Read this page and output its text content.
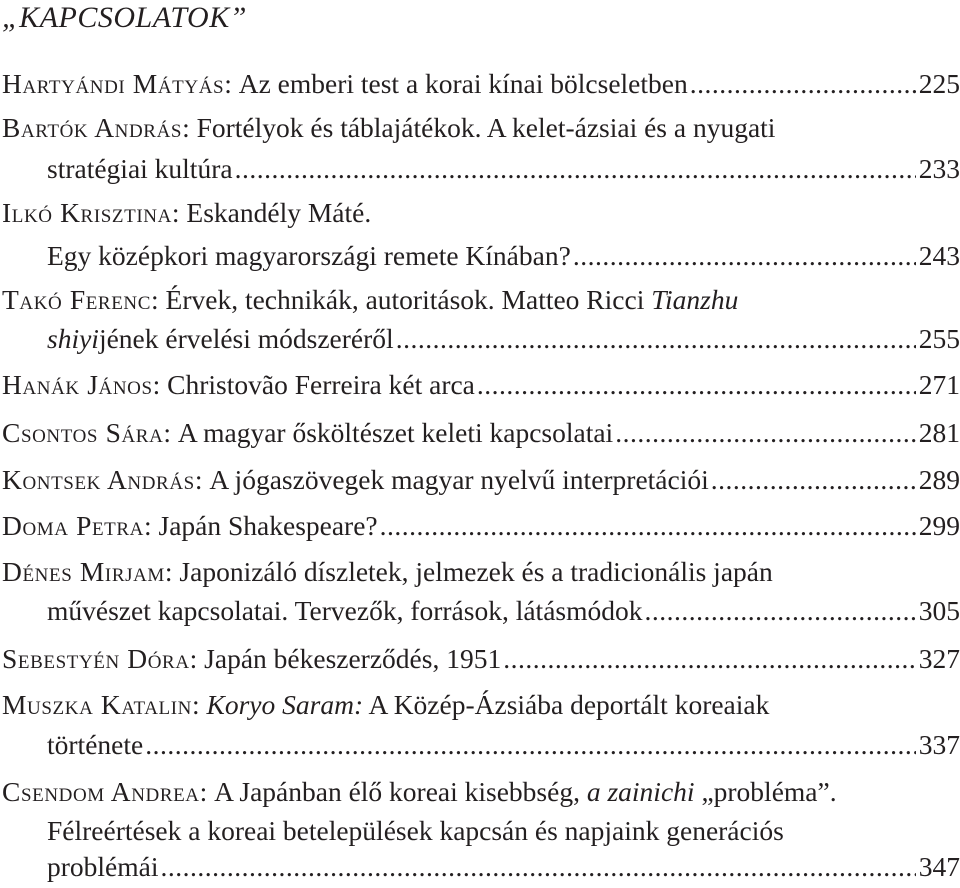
„KAPCSOLATOK”
Hartyándi Mátyás : Az emberi test a korai kínai bölcseletben .....	225
Bartók András: Fortélyok és táblajátékok. A kelet-ázsiai és a nyugati
stratégiai kultúra .....	233
Ilkó Krisztina: Eskandély Máté.
Egy középkori magyarországi remete Kínában? .....	243
Takó Ferenc: Érvek, technikák, autoritások. Matteo Ricci Tianzhu
shiyi jének érvelési módszeréről .....	255
Hanák János : Christovão Ferreira két arca .....	271
Csontos Sára : A magyar ősköltészet keleti kapcsolatai .....	281
Kontsek András : A jógaszövegek magyar nyelvű interpretációi .....	289
Doma Petra : Japán Shakespeare? .....	299
Dénes Mirjam: Japonizáló díszletek, jelmezek és a tradicionális japán
művészet kapcsolatai. Tervezők, források, látásmódok .....	305
Sebestyén Dóra : Japán békeszerződés, 1951 .....	327
Muszka Katalin: Koryo Saram: A Közép-Ázsiába deportált koreaiak
története .....	337
Csendom Andrea: A Japánban élő koreai kisebbség, a zainichi „probléma”.
Félreértések a koreai betelepülések kapcsán és napjaink generációs
problémái .....	347
